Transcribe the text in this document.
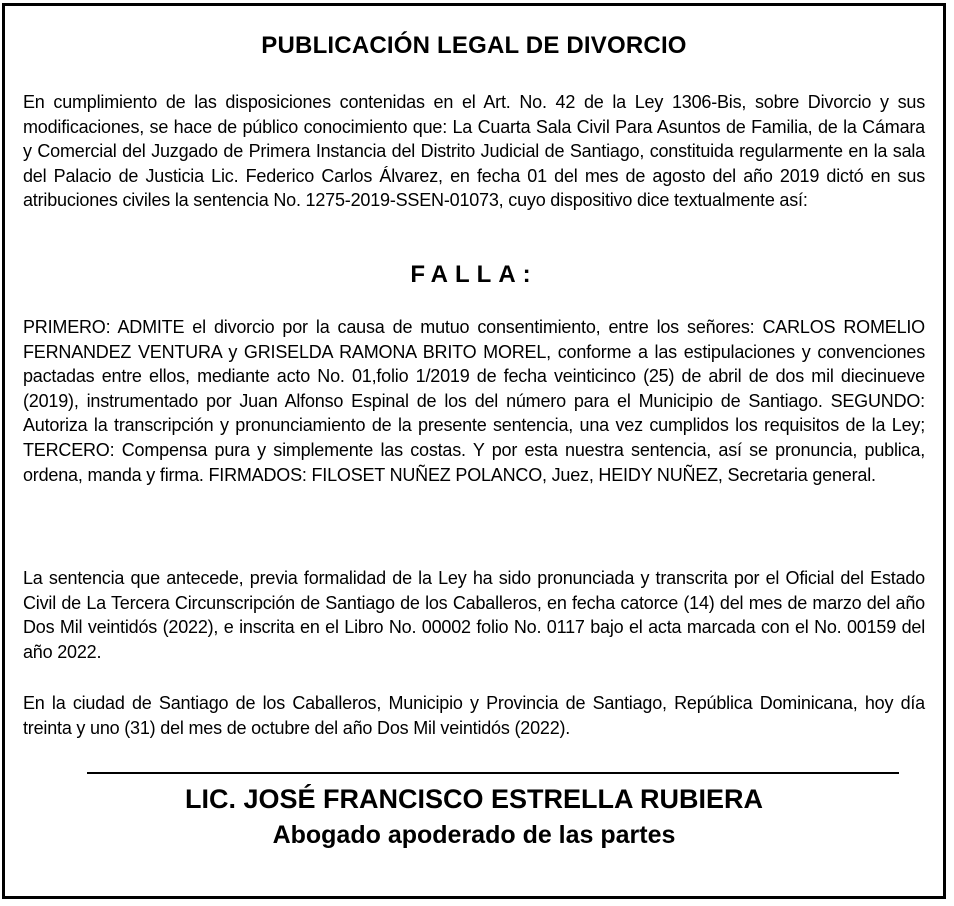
PUBLICACIÓN LEGAL DE DIVORCIO

En cumplimiento de las disposiciones contenidas en el Art. No. 42 de la Ley 1306-Bis, sobre Divorcio y sus modificaciones, se hace de público conocimiento que: La Cuarta Sala Civil Para Asuntos de Familia, de la Cámara y Comercial del Juzgado de Primera Instancia del Distrito Judicial de Santiago, constituida regularmente en la sala del Palacio de Justicia Lic. Federico Carlos Álvarez, en fecha 01 del mes de agosto del año 2019 dictó en sus atribuciones civiles la sentencia No. 1275-2019-SSEN-01073, cuyo dispositivo dice textualmente así:

FALLA:

PRIMERO: ADMITE el divorcio por la causa de mutuo consentimiento, entre los señores: CARLOS ROMELIO FERNANDEZ VENTURA y GRISELDA RAMONA BRITO MOREL, conforme a las estipulaciones y convenciones pactadas entre ellos, mediante acto No. 01,folio 1/2019 de fecha veinticinco (25) de abril de dos mil diecinueve (2019), instrumentado por Juan Alfonso Espinal de los del número para el Municipio de Santiago. SEGUNDO: Autoriza la transcripción y pronunciamiento de la presente sentencia, una vez cumplidos los requisitos de la Ley; TERCERO: Compensa pura y simplemente las costas. Y por esta nuestra sentencia, así se pronuncia, publica, ordena, manda y firma. FIRMADOS: FILOSET NUÑEZ POLANCO, Juez, HEIDY NUÑEZ, Secretaria general.

La sentencia que antecede, previa formalidad de la Ley ha sido pronunciada y transcrita por el Oficial del Estado Civil de La Tercera Circunscripción de Santiago de los Caballeros, en fecha catorce (14) del mes de marzo del año Dos Mil veintidós (2022), e inscrita en el Libro No. 00002 folio No. 0117 bajo el acta marcada con el No. 00159 del año 2022.

En la ciudad de Santiago de los Caballeros, Municipio y Provincia de Santiago, República Dominicana, hoy día treinta y uno (31) del mes de octubre del año Dos Mil veintidós (2022).

LIC. JOSÉ FRANCISCO ESTRELLA RUBIERA

Abogado apoderado de las partes
